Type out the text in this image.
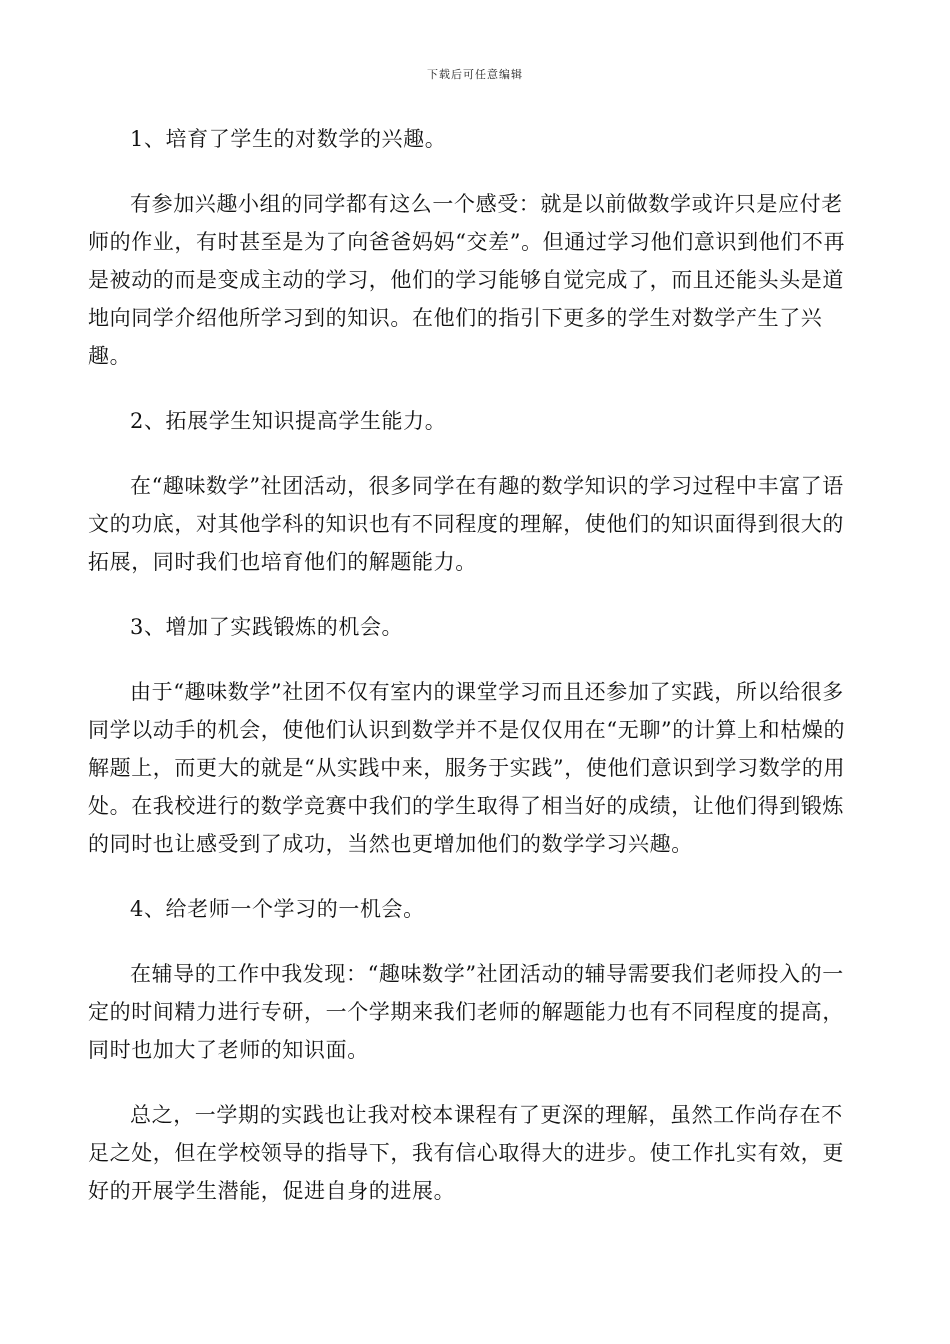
下载后可任意编辑

1、培育了学生的对数学的兴趣。

有参加兴趣小组的同学都有这么一个感受：就是以前做数学或许只是应付老师的作业，有时甚至是为了向爸爸妈妈“交差”。但通过学习他们意识到他们不再是被动的而是变成主动的学习，他们的学习能够自觉完成了，而且还能头头是道地向同学介绍他所学习到的知识。在他们的指引下更多的学生对数学产生了兴趣。

2、拓展学生知识提高学生能力。

在“趣味数学”社团活动，很多同学在有趣的数学知识的学习过程中丰富了语文的功底，对其他学科的知识也有不同程度的理解，使他们的知识面得到很大的拓展，同时我们也培育他们的解题能力。

3、增加了实践锻炼的机会。

由于“趣味数学”社团不仅有室内的课堂学习而且还参加了实践，所以给很多同学以动手的机会，使他们认识到数学并不是仅仅用在“无聊”的计算上和枯燥的解题上，而更大的就是“从实践中来，服务于实践”，使他们意识到学习数学的用处。在我校进行的数学竞赛中我们的学生取得了相当好的成绩，让他们得到锻炼的同时也让感受到了成功，当然也更增加他们的数学学习兴趣。

4、给老师一个学习的一机会。

在辅导的工作中我发现：“趣味数学”社团活动的辅导需要我们老师投入的一定的时间精力进行专研，一个学期来我们老师的解题能力也有不同程度的提高，同时也加大了老师的知识面。

总之，一学期的实践也让我对校本课程有了更深的理解，虽然工作尚存在不足之处，但在学校领导的指导下，我有信心取得大的进步。使工作扎实有效，更好的开展学生潜能，促进自身的进展。
